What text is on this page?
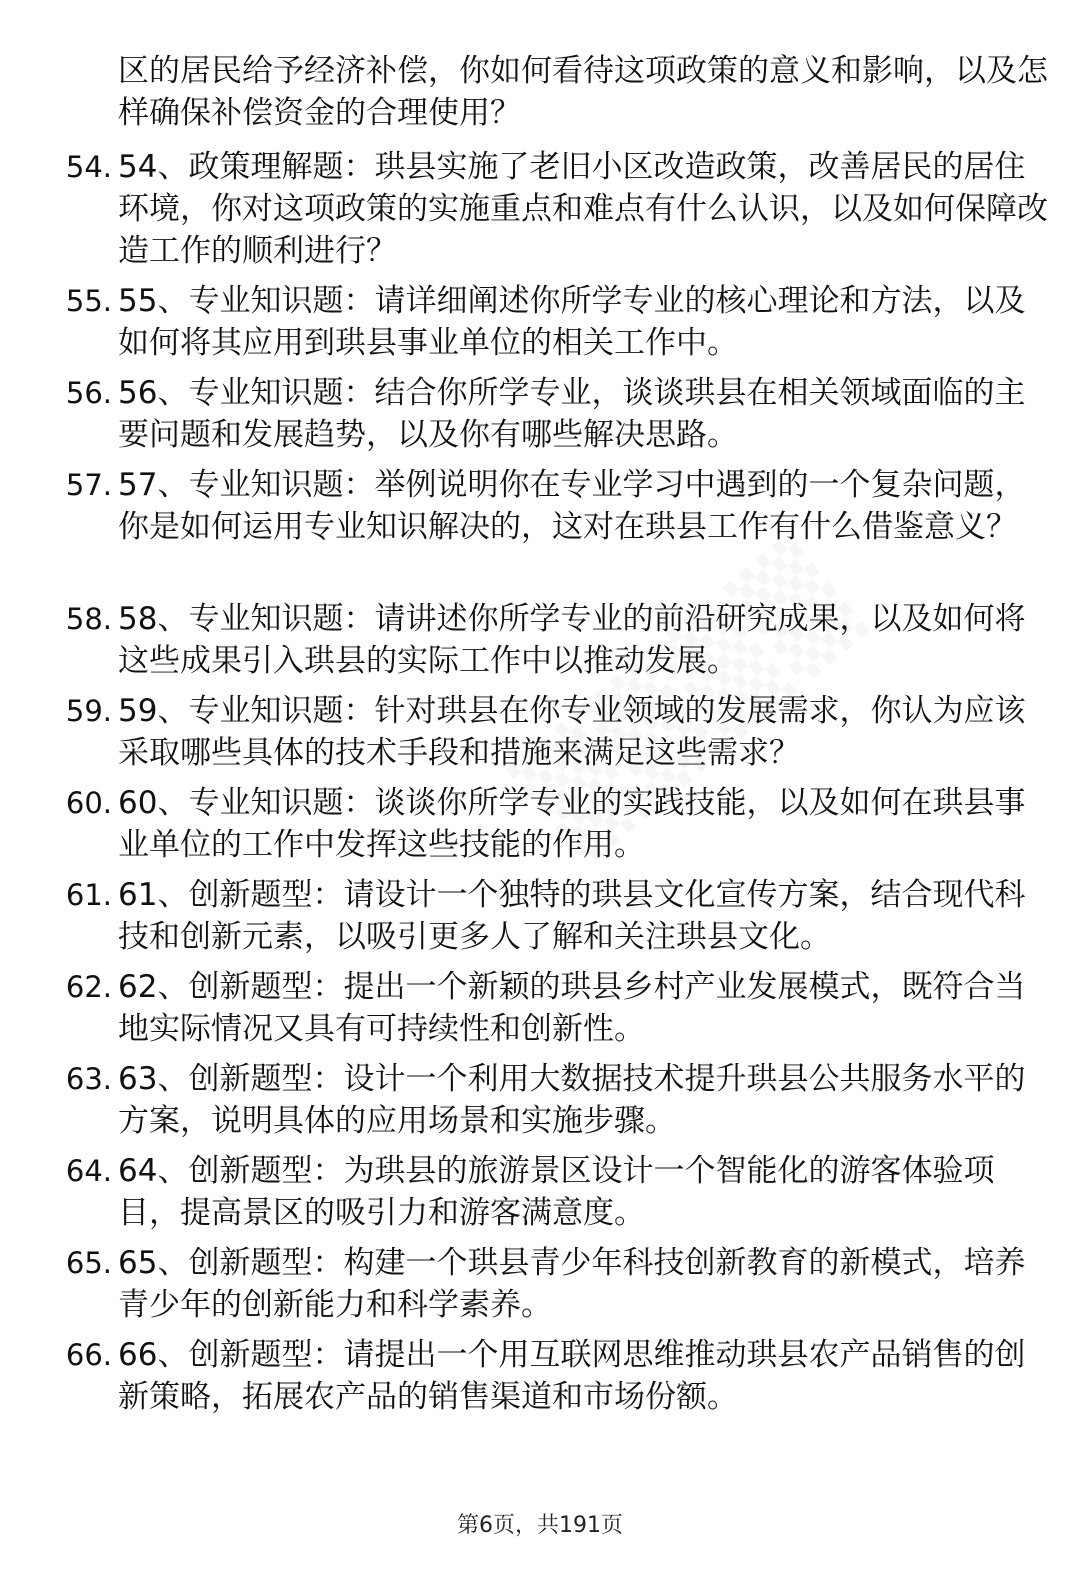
区的居民给予经济补偿，你如何看待这项政策的意义和影响，以及怎样确保补偿资金的合理使用？
54. 54、政策理解题：珙县实施了老旧小区改造政策，改善居民的居住环境，你对这项政策的实施重点和难点有什么认识，以及如何保障改造工作的顺利进行？
55. 55、专业知识题：请详细阐述你所学专业的核心理论和方法，以及如何将其应用到珙县事业单位的相关工作中。
56. 56、专业知识题：结合你所学专业，谈谈珙县在相关领域面临的主要问题和发展趋势，以及你有哪些解决思路。
57. 57、专业知识题：举例说明你在专业学习中遇到的一个复杂问题，你是如何运用专业知识解决的，这对在珙县工作有什么借鉴意义？
58. 58、专业知识题：请讲述你所学专业的前沿研究成果，以及如何将这些成果引入珙县的实际工作中以推动发展。
59. 59、专业知识题：针对珙县在你专业领域的发展需求，你认为应该采取哪些具体的技术手段和措施来满足这些需求？
60. 60、专业知识题：谈谈你所学专业的实践技能，以及如何在珙县事业单位的工作中发挥这些技能的作用。
61. 61、创新题型：请设计一个独特的珙县文化宣传方案，结合现代科技和创新元素，以吸引更多人了解和关注珙县文化。
62. 62、创新题型：提出一个新颖的珙县乡村产业发展模式，既符合当地实际情况又具有可持续性和创新性。
63. 63、创新题型：设计一个利用大数据技术提升珙县公共服务水平的方案，说明具体的应用场景和实施步骤。
64. 64、创新题型：为珙县的旅游景区设计一个智能化的游客体验项目，提高景区的吸引力和游客满意度。
65. 65、创新题型：构建一个珙县青少年科技创新教育的新模式，培养青少年的创新能力和科学素养。
66. 66、创新题型：请提出一个用互联网思维推动珙县农产品销售的创新策略，拓展农产品的销售渠道和市场份额。
第6页，共191页
